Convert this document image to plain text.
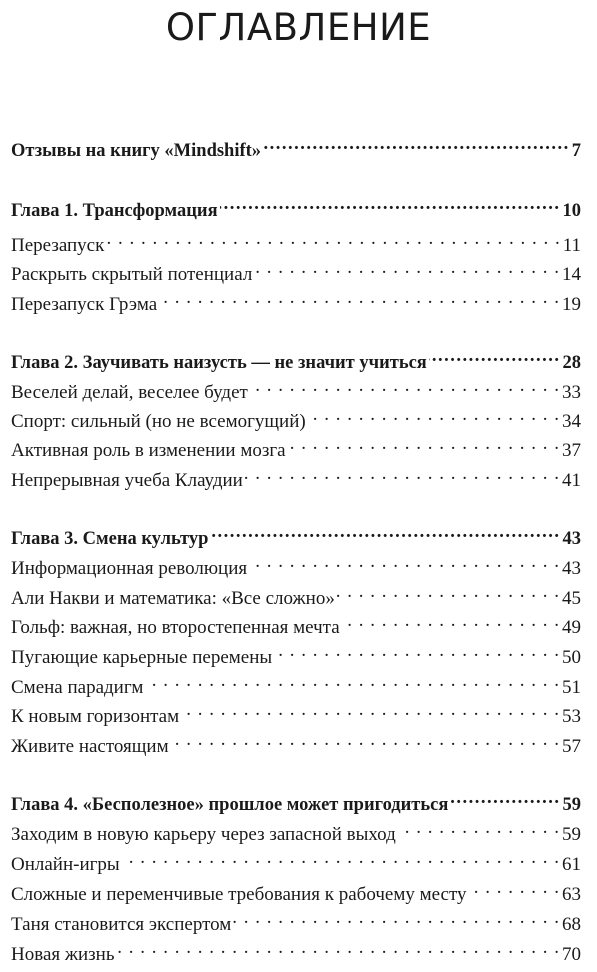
ОГЛАВЛЕНИЕ
Отзывы на книгу «Mindshift» .....	7
Глава 1. Трансформация .....	10
Перезапуск . . .	11
Раскрыть скрытый потенциал . . .	14
Перезапуск Грэма . . .	19
Глава 2. Заучивать наизусть — не значит учиться .....	28
Веселей делай, веселее будет . . .	33
Спорт: сильный (но не всемогущий) . . .	34
Активная роль в изменении мозга . . .	37
Непрерывная учеба Клаудии . . .	41
Глава 3. Смена культур .....	43
Информационная революция . . .	43
Али Накви и математика: «Все сложно» . . .	45
Гольф: важная, но второстепенная мечта . . .	49
Пугающие карьерные перемены . . .	50
Смена парадигм . . .	51
К новым горизонтам . . .	53
Живите настоящим . . .	57
Глава 4. «Бесполезное» прошлое может пригодиться .....	59
Заходим в новую карьеру через запасной выход . . .	59
Онлайн-игры . . .	61
Сложные и переменчивые требования к рабочему месту . . .	63
Таня становится экспертом . . .	68
Новая жизнь . . .	70
